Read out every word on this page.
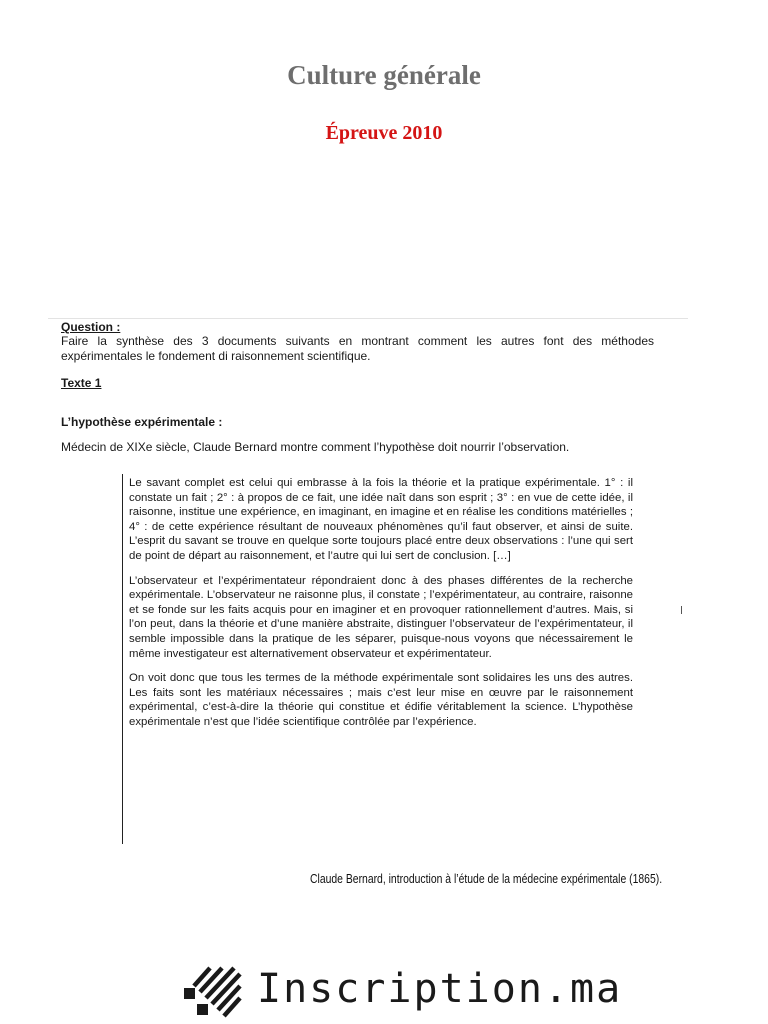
Culture générale
Épreuve 2010
Question :
Faire la synthèse des 3 documents suivants en montrant comment les autres font des méthodes expérimentales le fondement di raisonnement scientifique.
Texte 1
L’hypothèse expérimentale :
Médecin de XIXe siècle, Claude Bernard montre comment l’hypothèse doit nourrir l’observation.

Le savant complet est celui qui embrasse à la fois la théorie et la pratique expérimentale. 1° : il constate un fait ; 2° : à propos de ce fait, une idée naît dans son esprit ; 3° : en vue de cette idée, il raisonne, institue une expérience, en imaginant, en imagine et en réalise les conditions matérielles ; 4° : de cette expérience résultant de nouveaux phénomènes qu’il faut observer, et ainsi de suite. L’esprit du savant se trouve en quelque sorte toujours placé entre deux observations : l’une qui sert de point de départ au raisonnement, et l’autre qui lui sert de conclusion. […]

L’observateur et l’expérimentateur répondraient donc à des phases différentes de la recherche expérimentale. L’observateur ne raisonne plus, il constate ; l’expérimentateur, au contraire, raisonne et se fonde sur les faits acquis pour en imaginer et en provoquer rationnellement d’autres. Mais, si l’on peut, dans la théorie et d’une manière abstraite, distinguer l’observateur de l’expérimentateur, il semble impossible dans la pratique de les séparer, puisque-nous voyons que nécessairement le même investigateur est alternativement observateur et expérimentateur.

On voit donc que tous les termes de la méthode expérimentale sont solidaires les uns des autres. Les faits sont les matériaux nécessaires ; mais c’est leur mise en œuvre par le raisonnement expérimental, c’est-à-dire la théorie qui constitue et édifie véritablement la science. L’hypothèse expérimentale n’est que l’idée scientifique contrôlée par l’expérience.

Claude Bernard, introduction à l’étude de la médecine expérimentale (1865).
Inscription.ma
